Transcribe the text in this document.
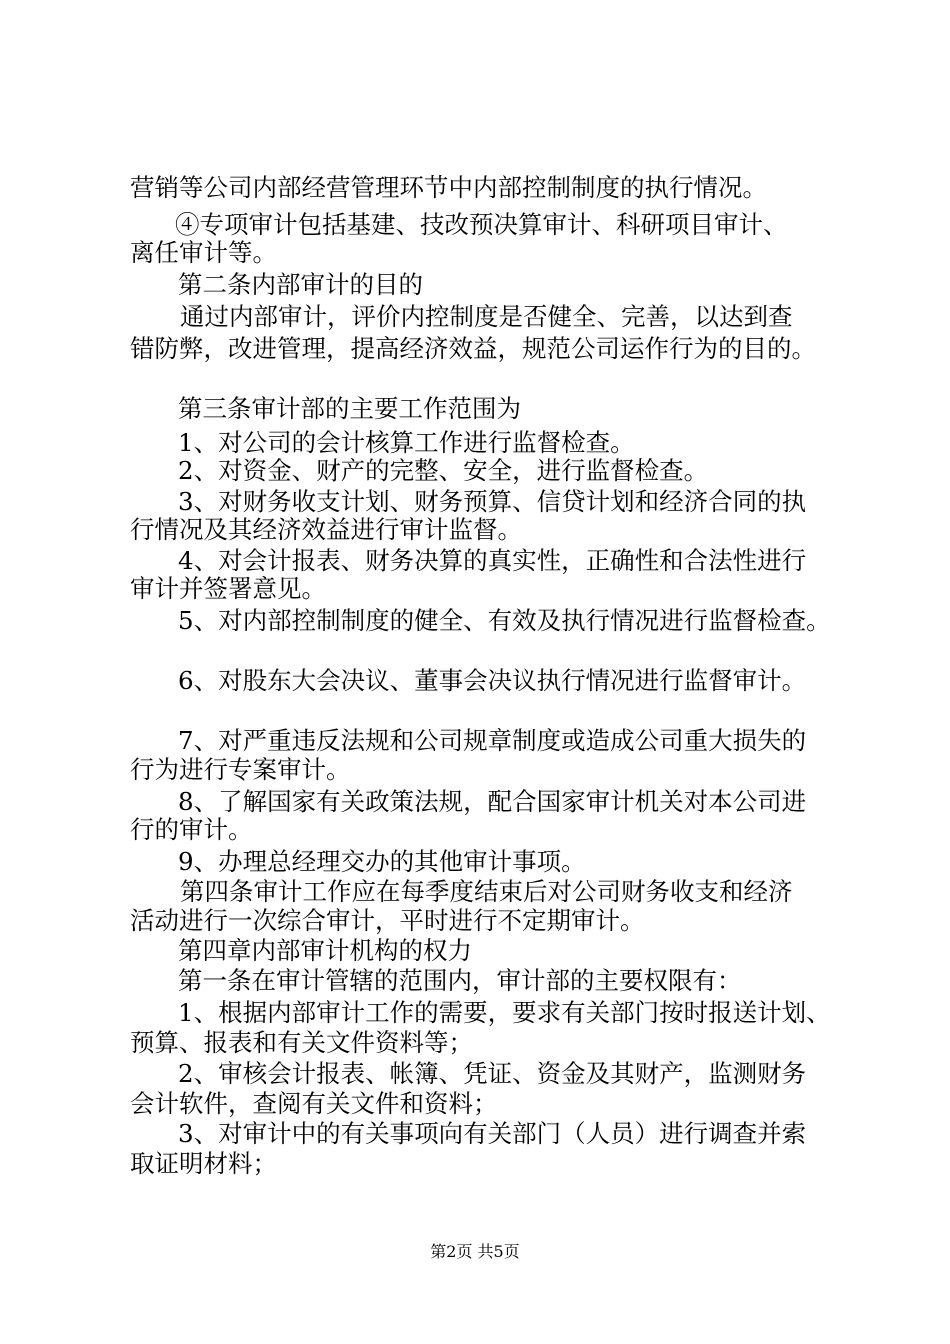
营销等公司内部经营管理环节中内部控制制度的执行情况。
④专项审计包括基建、技改预决算审计、科研项目审计、
离任审计等。
第二条内部审计的目的
通过内部审计，评价内控制度是否健全、完善，以达到查
错防弊，改进管理，提高经济效益，规范公司运作行为的目的。
第三条审计部的主要工作范围为
1、对公司的会计核算工作进行监督检查。
2、对资金、财产的完整、安全，进行监督检查。
3、对财务收支计划、财务预算、信贷计划和经济合同的执
行情况及其经济效益进行审计监督。
4、对会计报表、财务决算的真实性，正确性和合法性进行
审计并签署意见。
5、对内部控制制度的健全、有效及执行情况进行监督检查。
6、对股东大会决议、董事会决议执行情况进行监督审计。
7、对严重违反法规和公司规章制度或造成公司重大损失的
行为进行专案审计。
8、了解国家有关政策法规，配合国家审计机关对本公司进
行的审计。
9、办理总经理交办的其他审计事项。
第四条审计工作应在每季度结束后对公司财务收支和经济
活动进行一次综合审计，平时进行不定期审计。
第四章内部审计机构的权力
第一条在审计管辖的范围内，审计部的主要权限有：
1、根据内部审计工作的需要，要求有关部门按时报送计划、
预算、报表和有关文件资料等；
2、审核会计报表、帐簿、凭证、资金及其财产，监测财务
会计软件，查阅有关文件和资料；
3、对审计中的有关事项向有关部门（人员）进行调查并索
取证明材料；
第2页 共5页
